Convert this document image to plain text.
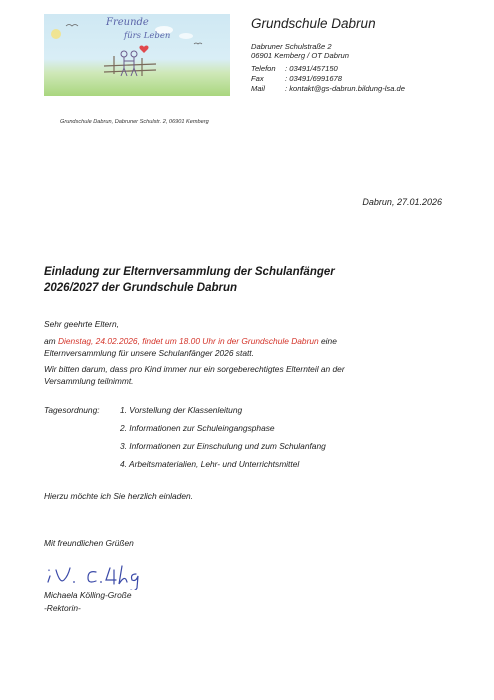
Freunde
fürs Leben
Grundschule Dabrun
Dabruner Schulstraße 2
06901 Kemberg / OT Dabrun
Telefon : 03491/457150
Fax	: 03491/6991678
Mail	: kontakt@gs-dabrun.bildung-lsa.de
Grundschule Dabrun, Dabruner Schulstr. 2, 06901 Kemberg
Dabrun, 27.01.2026
Einladung zur Elternversammlung der Schulanfänger
2026/2027 der Grundschule Dabrun
Sehr geehrte Eltern,
am Dienstag, 24.02.2026, findet um 18.00 Uhr in der Grundschule Dabrun eine
Elternversammlung für unsere Schulanfänger 2026 statt.
Wir bitten darum, dass pro Kind immer nur ein sorgeberechtigtes Elternteil an der
Versammlung teilnimmt.
Tagesordnung: 1. Vorstellung der Klassenleitung
2. Informationen zur Schuleingangsphase
3. Informationen zur Einschulung und zum Schulanfang
4. Arbeitsmaterialien, Lehr- und Unterrichtsmittel
Hierzu möchte ich Sie herzlich einladen.
Mit freundlichen Grüßen
Michaela Kölling-Große
-Rektorin-
